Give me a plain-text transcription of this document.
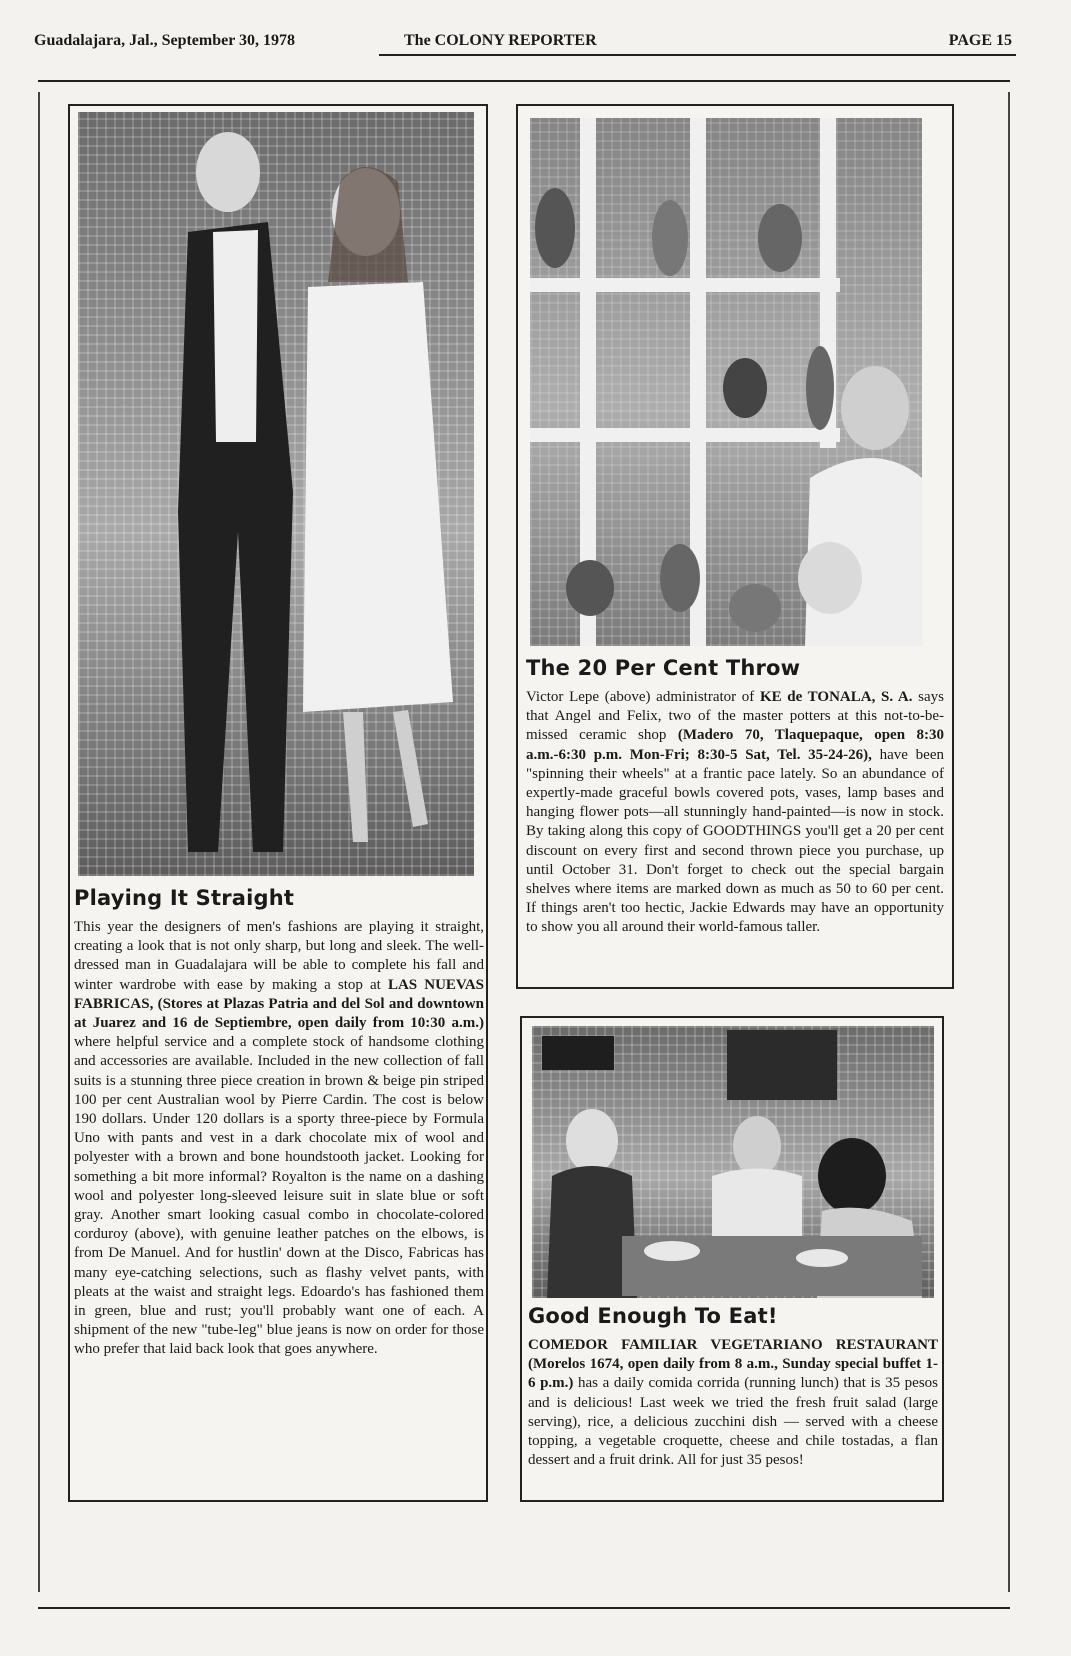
Guadalajara, Jal., September 30, 1978	The COLONY REPORTER	PAGE 15
Playing It Straight
This year the designers of men's fashions are playing it straight, creating a look that is not only sharp, but long and sleek. The well-dressed man in Guadalajara will be able to complete his fall and winter wardrobe with ease by making a stop at LAS NUEVAS FABRICAS, (Stores at Plazas Patria and del Sol and downtown at Juarez and 16 de Septiembre, open daily from 10:30 a.m.) where helpful service and a complete stock of handsome clothing and accessories are available. Included in the new collection of fall suits is a stunning three piece creation in brown & beige pin striped 100 per cent Australian wool by Pierre Cardin. The cost is below 190 dollars. Under 120 dollars is a sporty three-piece by Formula Uno with pants and vest in a dark chocolate mix of wool and polyester with a brown and bone houndstooth jacket. Looking for something a bit more informal? Royalton is the name on a dashing wool and polyester long-sleeved leisure suit in slate blue or soft gray. Another smart looking casual combo in chocolate-colored corduroy (above), with genuine leather patches on the elbows, is from De Manuel. And for hustlin' down at the Disco, Fabricas has many eye-catching selections, such as flashy velvet pants, with pleats at the waist and straight legs. Edoardo's has fashioned them in green, blue and rust; you'll probably want one of each. A shipment of the new "tube-leg" blue jeans is now on order for those who prefer that laid back look that goes anywhere.
The 20 Per Cent Throw
Victor Lepe (above) administrator of KE de TONALA, S. A. says that Angel and Felix, two of the master potters at this not-to-be-missed ceramic shop (Madero 70, Tlaquepaque, open 8:30 a.m.-6:30 p.m. Mon-Fri; 8:30-5 Sat, Tel. 35-24-26), have been "spinning their wheels" at a frantic pace lately. So an abundance of expertly-made graceful bowls covered pots, vases, lamp bases and hanging flower pots—all stunningly hand-painted—is now in stock. By taking along this copy of GOODTHINGS you'll get a 20 per cent discount on every first and second thrown piece you purchase, up until October 31. Don't forget to check out the special bargain shelves where items are marked down as much as 50 to 60 per cent. If things aren't too hectic, Jackie Edwards may have an opportunity to show you all around their world-famous taller.
Good Enough To Eat!
COMEDOR FAMILIAR VEGETARIANO RESTAURANT (Morelos 1674, open daily from 8 a.m., Sunday special buffet 1-6 p.m.) has a daily comida corrida (running lunch) that is 35 pesos and is delicious! Last week we tried the fresh fruit salad (large serving), rice, a delicious zucchini dish — served with a cheese topping, a vegetable croquette, cheese and chile tostadas, a flan dessert and a fruit drink. All for just 35 pesos!
